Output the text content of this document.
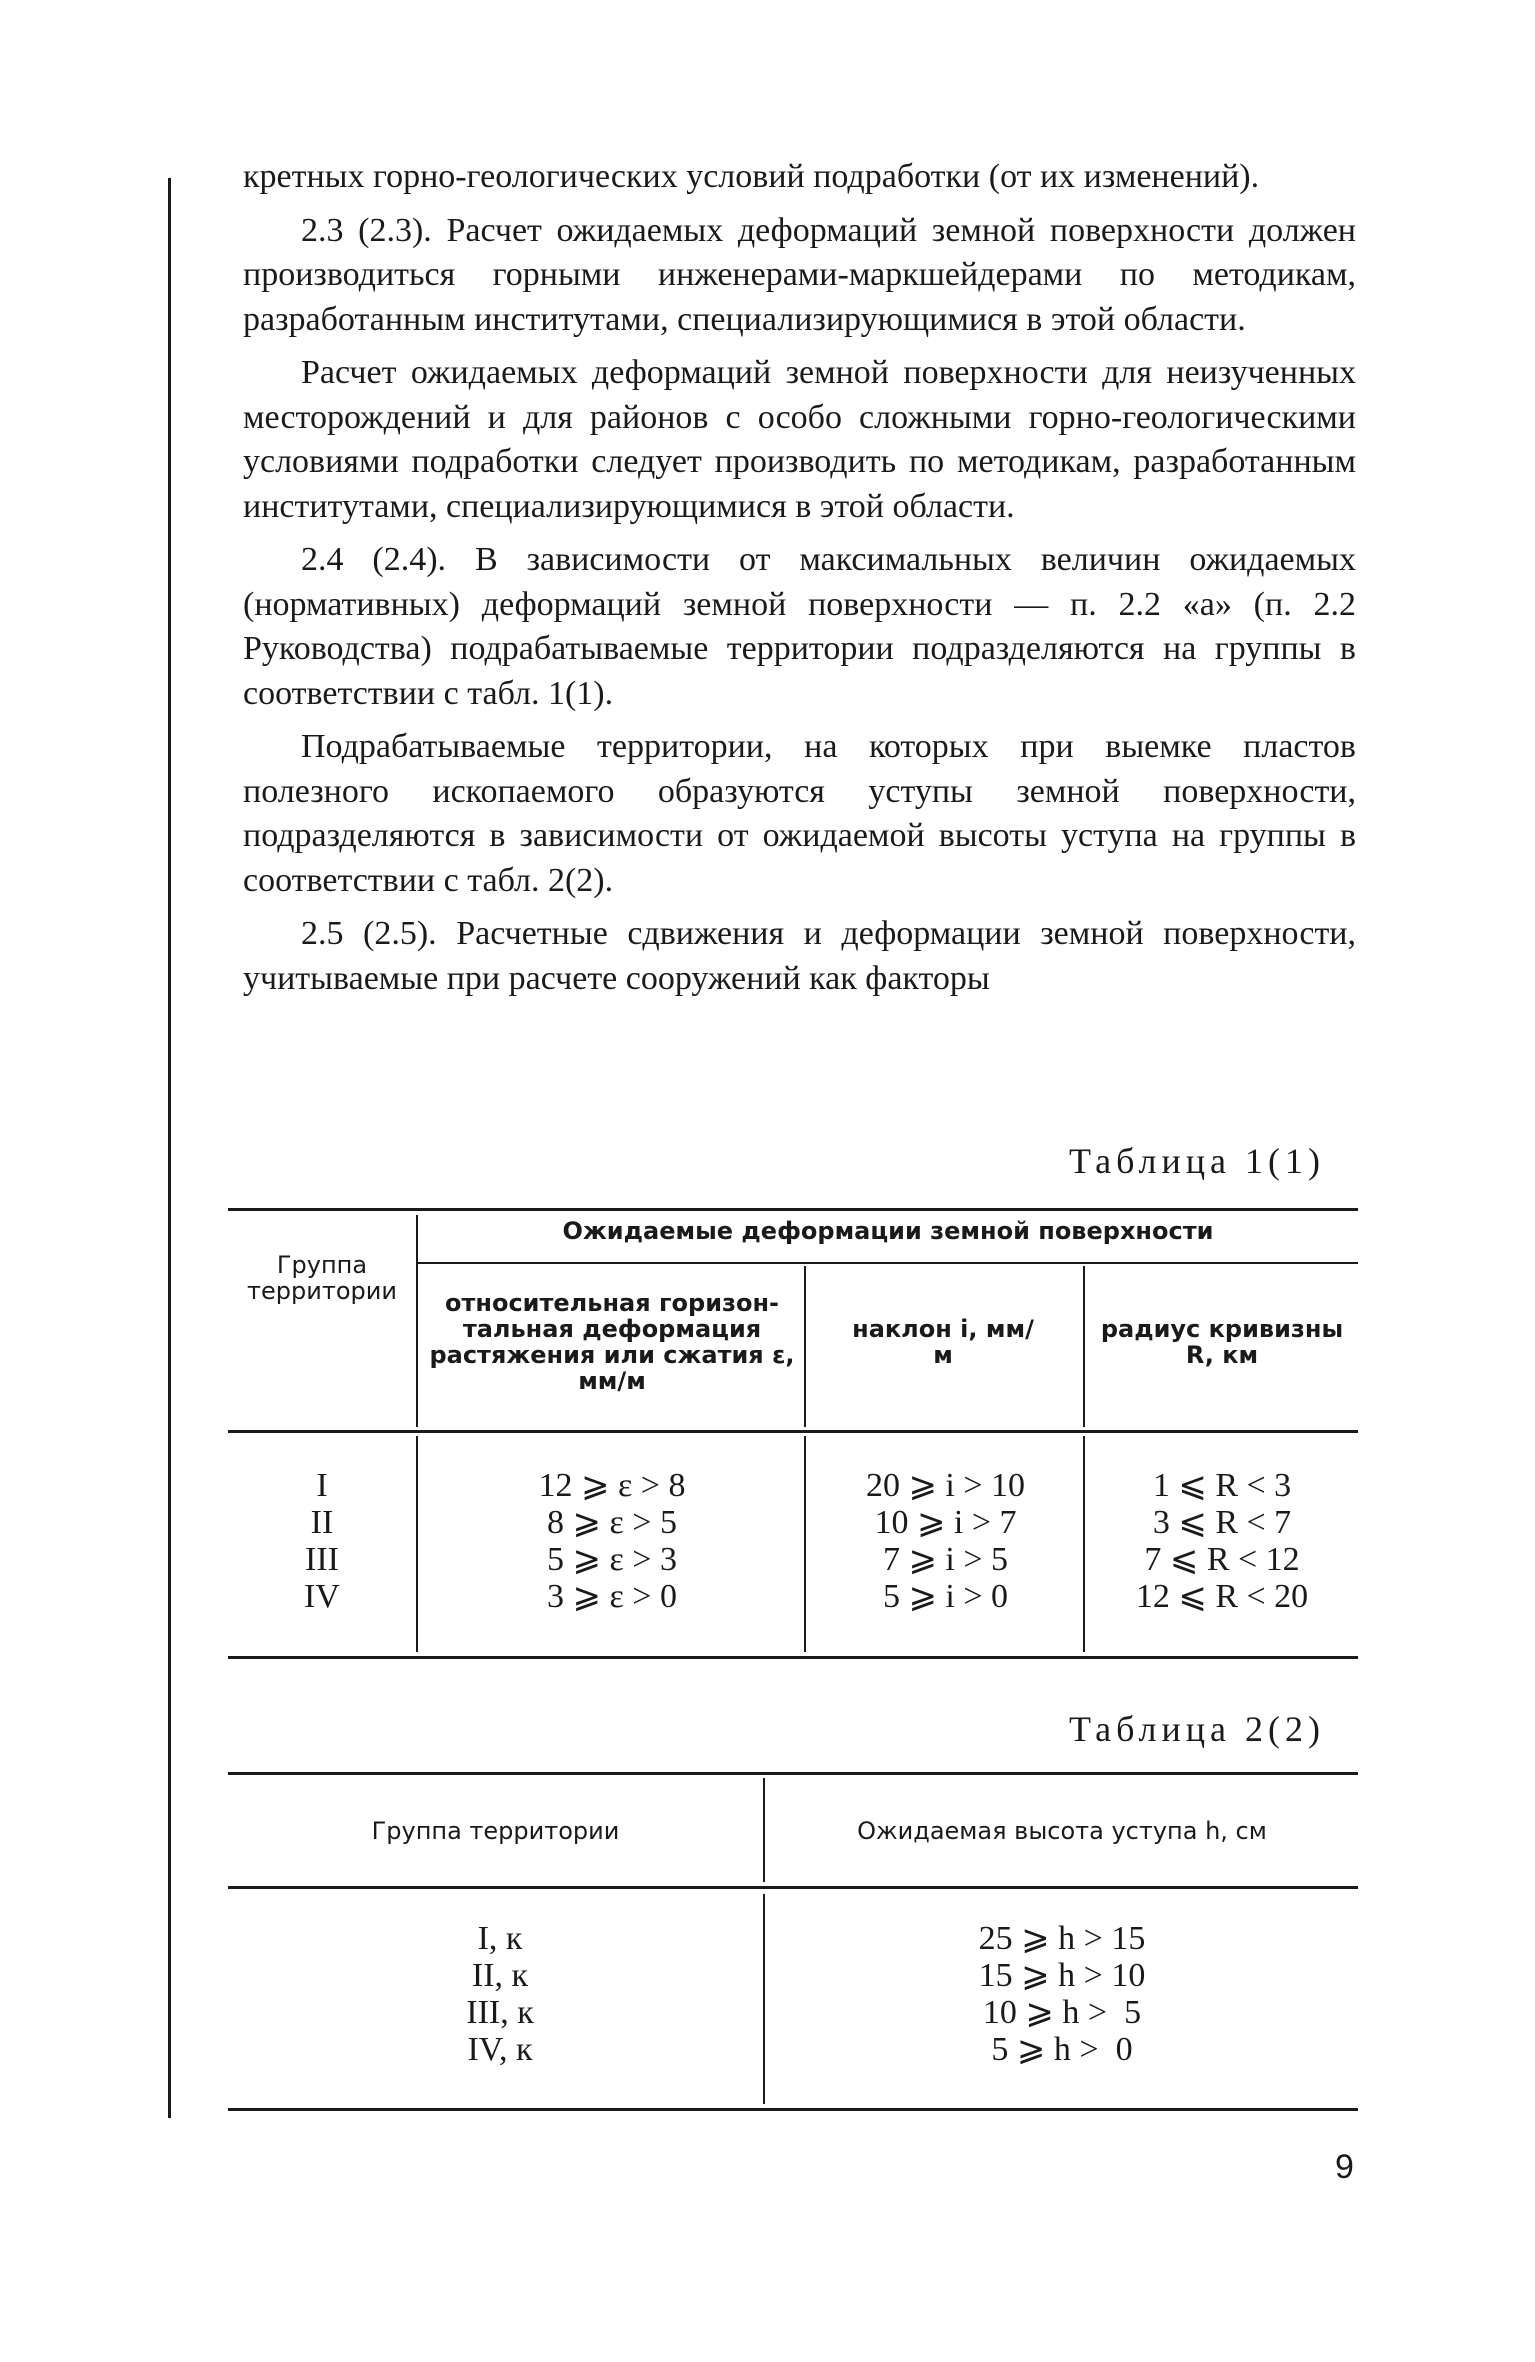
кретных горно-геологических условий подработки (от их изменений).

2.3 (2.3). Расчет ожидаемых деформаций земной поверхности должен производиться горными инженерами-маркшейдерами по методикам, разработанным институтами, специализирующимися в этой области.

Расчет ожидаемых деформаций земной поверхности для неизученных месторождений и для районов с особо сложными горно-геологическими условиями подработки следует производить по методикам, разработанным институтами, специализирующимися в этой области.

2.4 (2.4). В зависимости от максимальных величин ожидаемых (нормативных) деформаций земной поверхности — п. 2.2 «а» (п. 2.2 Руководства) подрабатываемые территории подразделяются на группы в соответствии с табл. 1(1).

Подрабатываемые территории, на которых при выемке пластов полезного ископаемого образуются уступы земной поверхности, подразделяются в зависимости от ожидаемой высоты уступа на группы в соответствии с табл. 2(2).

2.5 (2.5). Расчетные сдвижения и деформации земной поверхности, учитываемые при расчете сооружений как факторы

Таблица 1(1)
Группа территории
Ожидаемые деформации земной поверхности
относительная горизонтальная деформация растяжения или сжатия ε, мм/м
наклон i, мм/м
радиус кривизны R, км
I
II
III
IV
12 ⩾ ε > 8
8 ⩾ ε > 5
5 ⩾ ε > 3
3 ⩾ ε > 0
20 ⩾ i > 10
10 ⩾ i > 7
7 ⩾ i > 5
5 ⩾ i > 0
1 ⩽ R < 3
3 ⩽ R < 7
7 ⩽ R < 12
12 ⩽ R < 20
Таблица 2(2)
Группа территории	Ожидаемая высота уступа h, см
I, к
II, к
III, к
IV, к
25 ⩾ h > 15
15 ⩾ h > 10
10 ⩾ h >  5
5 ⩾ h >  0
9
